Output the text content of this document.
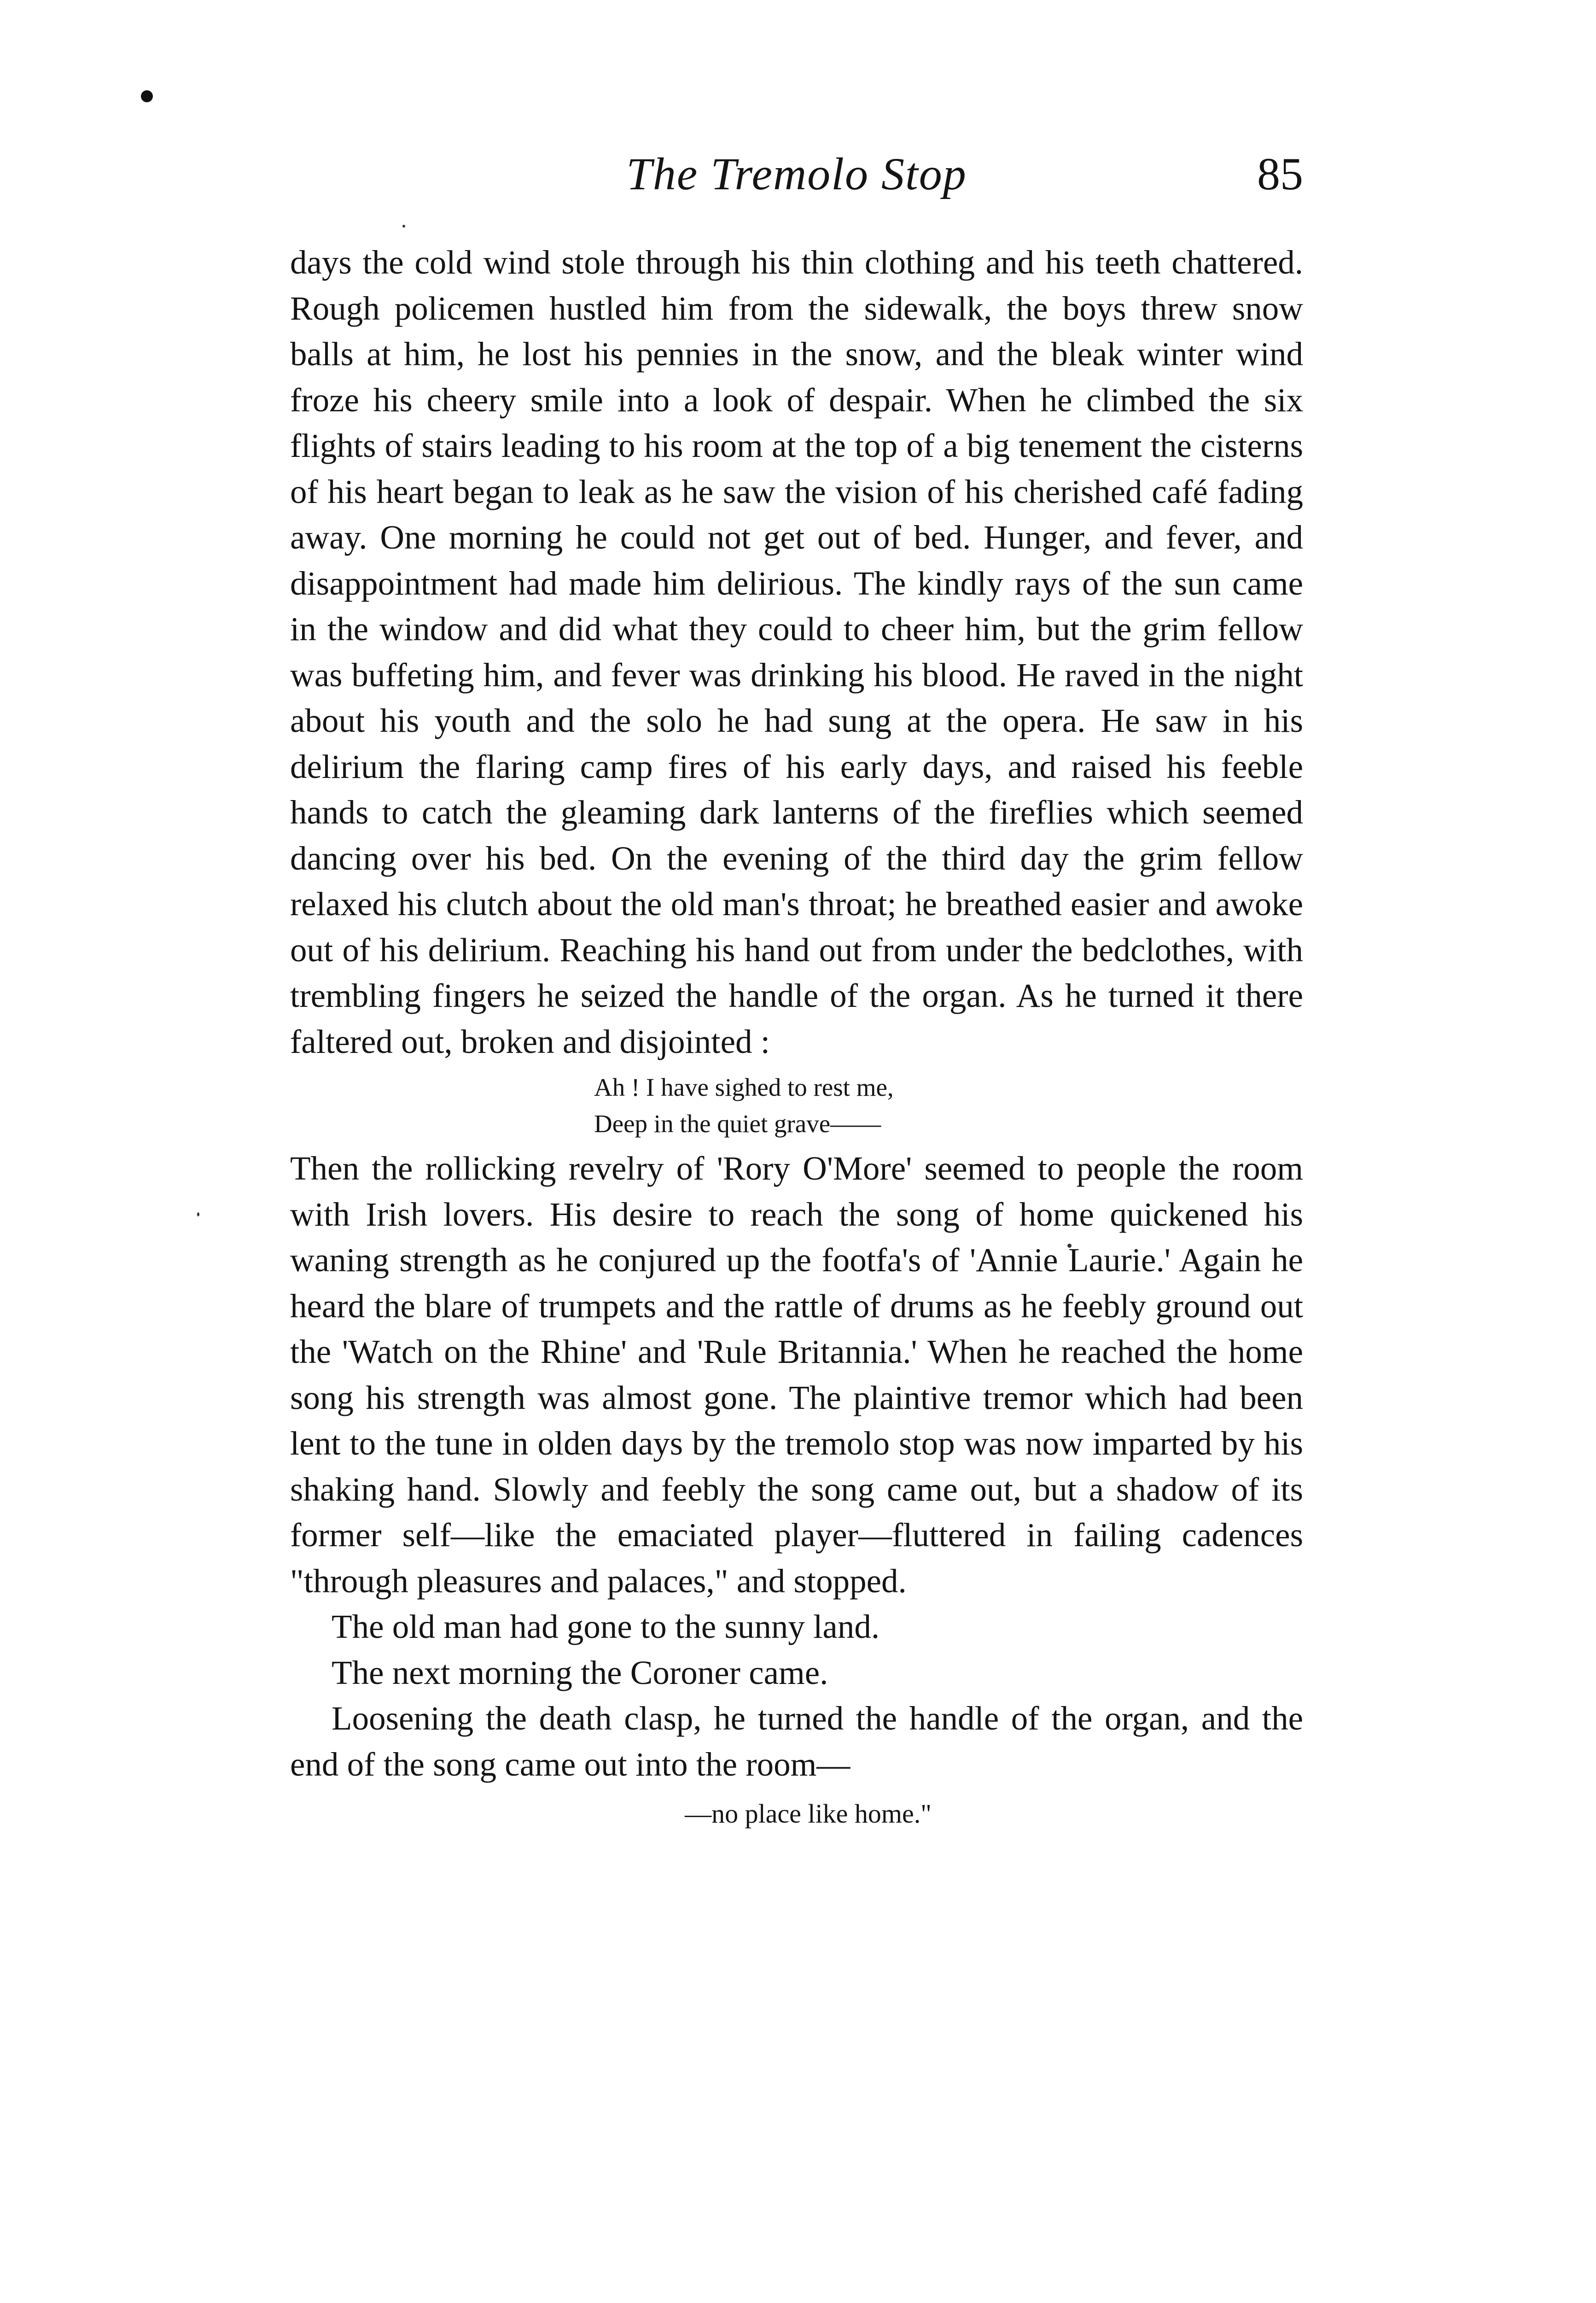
The Tremolo Stop	85

days the cold wind stole through his thin clothing and his teeth chattered. Rough policemen hustled him from the sidewalk, the boys threw snow balls at him, he lost his pennies in the snow, and the bleak winter wind froze his cheery smile into a look of despair. When he climbed the six flights of stairs leading to his room at the top of a big tenement the cisterns of his heart began to leak as he saw the vision of his cherished café fading away. One morning he could not get out of bed. Hunger, and fever, and disappointment had made him delirious. The kindly rays of the sun came in the window and did what they could to cheer him, but the grim fellow was buffeting him, and fever was drinking his blood. He raved in the night about his youth and the solo he had sung at the opera. He saw in his delirium the flaring camp fires of his early days, and raised his feeble hands to catch the gleaming dark lanterns of the fireflies which seemed dancing over his bed. On the evening of the third day the grim fellow relaxed his clutch about the old man's throat; he breathed easier and awoke out of his delirium. Reaching his hand out from under the bedclothes, with trembling fingers he seized the handle of the organ. As he turned it there faltered out, broken and disjointed :

Ah ! I have sighed to rest me,
Deep in the quiet grave——

Then the rollicking revelry of 'Rory O'More' seemed to people the room with Irish lovers. His desire to reach the song of home quickened his waning strength as he conjured up the footfa's of 'Annie Laurie.' Again he heard the blare of trumpets and the rattle of drums as he feebly ground out the 'Watch on the Rhine' and 'Rule Britannia.' When he reached the home song his strength was almost gone. The plaintive tremor which had been lent to the tune in olden days by the tremolo stop was now imparted by his shaking hand. Slowly and feebly the song came out, but a shadow of its former self—like the emaciated player—fluttered in failing cadences "through pleasures and palaces," and stopped.

The old man had gone to the sunny land.

The next morning the Coroner came.

Loosening the death clasp, he turned the handle of the organ, and the end of the song came out into the room—

—no place like home."
